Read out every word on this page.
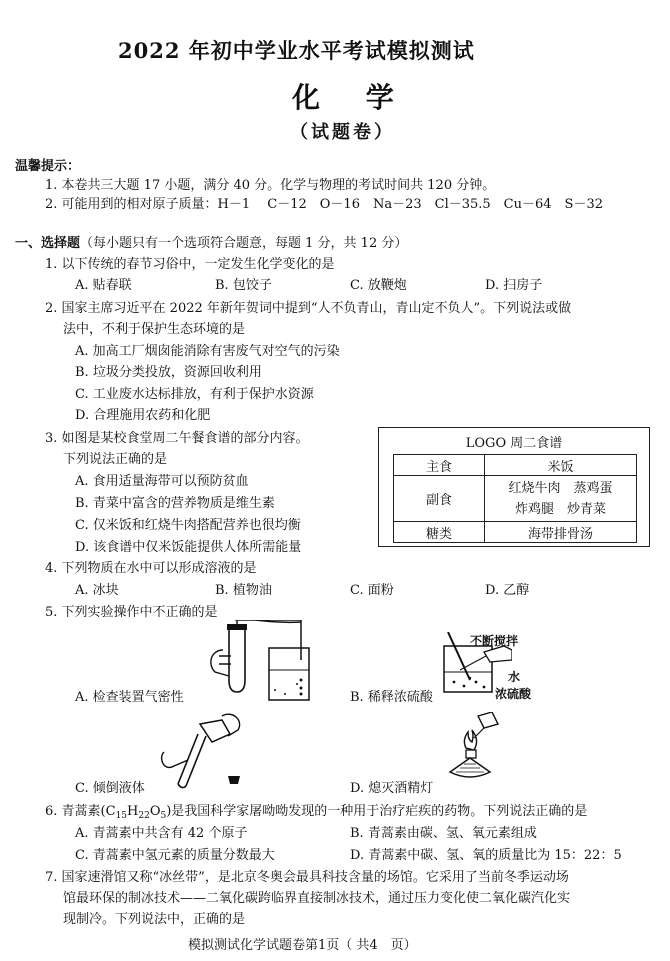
2022 年初中学业水平考试模拟测试
化 学
（试题卷）
温馨提示：
1. 本卷共三大题 17 小题，满分 40 分。化学与物理的考试时间共 120 分钟。
2. 可能用到的相对原子质量：H－1　 C－12　O－16　Na－23　Cl－35.5　Cu－64　S－32
一、选择题（每小题只有一个选项符合题意，每题 1 分，共 12 分）
1. 以下传统的春节习俗中，一定发生化学变化的是
A. 贴春联	B. 包饺子	C. 放鞭炮	D. 扫房子
2. 国家主席习近平在 2022 年新年贺词中提到“人不负青山，青山定不负人”。下列说法或做
法中，不利于保护生态环境的是
A. 加高工厂烟囱能消除有害废气对空气的污染
B. 垃圾分类投放，资源回收利用
C. 工业废水达标排放，有利于保护水资源
D. 合理施用农药和化肥
3. 如图是某校食堂周二午餐食谱的部分内容。
下列说法正确的是
A. 食用适量海带可以预防贫血
B. 青菜中富含的营养物质是维生素
C. 仅米饭和红烧牛肉搭配营养也很均衡
D. 该食谱中仅米饭能提供人体所需能量
LOGO 周二食谱
主食	米饭
副食	红烧牛肉　蒸鸡蛋
炸鸡腿　炒青菜

糖类	海带排骨汤
4. 下列物质在水中可以形成溶液的是
A. 冰块	B. 植物油	C. 面粉	D. 乙醇
5. 下列实验操作中不正确的是
A. 检查装置气密性
不断搅拌
水
浓硫酸
B. 稀释浓硫酸
C. 倾倒液体	D. 熄灭酒精灯
6. 青蒿素$(C_{15}H_{22}O_5)$是我国科学家屠呦呦发现的一种用于治疗疟疾的药物。下列说法正确的是
A. 青蒿素中共含有 42 个原子	B. 青蒿素由碳、氢、氧元素组成
C. 青蒿素中氢元素的质量分数最大	D. 青蒿素中碳、氢、氧的质量比为 15：22：5
7. 国家速滑馆又称“冰丝带”，是北京冬奥会最具科技含量的场馆。它采用了当前冬季运动场
馆最环保的制冰技术——二氧化碳跨临界直接制冰技术，通过压力变化使二氧化碳汽化实
现制冷。下列说法中，正确的是
模拟测试化学试题卷第1页（ 共4　页）
